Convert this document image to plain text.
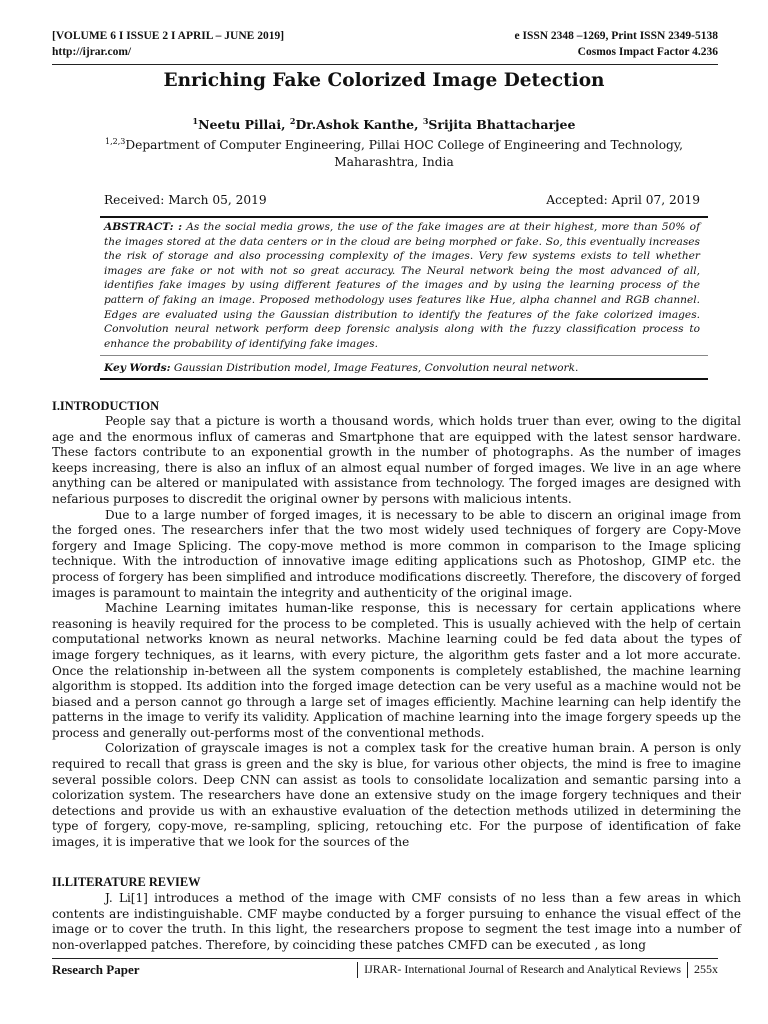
[VOLUME 6 I ISSUE 2 I APRIL – JUNE 2019]	e ISSN 2348 –1269, Print ISSN 2349-5138
http://ijrar.com/	Cosmos Impact Factor 4.236
Enriching Fake Colorized Image Detection
$^1$Neetu Pillai, $^2$Dr.Ashok Kanthe, $^3$Srijita Bhattacharjee
$^{1,2,3}$Department of Computer Engineering, Pillai HOC College of Engineering and Technology,
Maharashtra, India
Received: March 05, 2019	Accepted: April 07, 2019
ABSTRACT: : As the social media grows, the use of the fake images are at their highest, more than 50% of the images stored at the data centers or in the cloud are being morphed or fake. So, this eventually increases the risk of storage and also processing complexity of the images. Very few systems exists to tell whether images are fake or not with not so great accuracy. The Neural network being the most advanced of all, identifies fake images by using different features of the images and by using the learning process of the pattern of faking an image. Proposed methodology uses features like Hue, alpha channel and RGB channel. Edges are evaluated using the Gaussian distribution to identify the features of the fake colorized images. Convolution neural network perform deep forensic analysis along with the fuzzy classification process to enhance the probability of identifying fake images.
Key Words: Gaussian Distribution model, Image Features, Convolution neural network.
I.INTRODUCTION

People say that a picture is worth a thousand words, which holds truer than ever, owing to the digital age and the enormous influx of cameras and Smartphone that are equipped with the latest sensor hardware. These factors contribute to an exponential growth in the number of photographs. As the number of images keeps increasing, there is also an influx of an almost equal number of forged images. We live in an age where anything can be altered or manipulated with assistance from technology. The forged images are designed with nefarious purposes to discredit the original owner by persons with malicious intents.

Due to a large number of forged images, it is necessary to be able to discern an original image from the forged ones. The researchers infer that the two most widely used techniques of forgery are Copy-Move forgery and Image Splicing. The copy-move method is more common in comparison to the Image splicing technique. With the introduction of innovative image editing applications such as Photoshop, GIMP etc. the process of forgery has been simplified and introduce modifications discreetly. Therefore, the discovery of forged images is paramount to maintain the integrity and authenticity of the original image.

Machine Learning imitates human-like response, this is necessary for certain applications where reasoning is heavily required for the process to be completed. This is usually achieved with the help of certain computational networks known as neural networks. Machine learning could be fed data about the types of image forgery techniques, as it learns, with every picture, the algorithm gets faster and a lot more accurate. Once the relationship in-between all the system components is completely established, the machine learning algorithm is stopped. Its addition into the forged image detection can be very useful as a machine would not be biased and a person cannot go through a large set of images efficiently. Machine learning can help identify the patterns in the image to verify its validity. Application of machine learning into the image forgery speeds up the process and generally out-performs most of the conventional methods.

Colorization of grayscale images is not a complex task for the creative human brain. A person is only required to recall that grass is green and the sky is blue, for various other objects, the mind is free to imagine several possible colors. Deep CNN can assist as tools to consolidate localization and semantic parsing into a colorization system. The researchers have done an extensive study on the image forgery techniques and their detections and provide us with an exhaustive evaluation of the detection methods utilized in determining the type of forgery, copy-move, re-sampling, splicing, retouching etc. For the purpose of identification of fake images, it is imperative that we look for the sources of the

II.LITERATURE REVIEW

J. Li[1] introduces a method of the image with CMF consists of no less than a few areas in which contents are indistinguishable. CMF maybe conducted by a forger pursuing to enhance the visual effect of the image or to cover the truth. In this light, the researchers propose to segment the test image into a number of non-overlapped patches. Therefore, by coinciding these patches CMFD can be executed , as long

Research Paper	IJRAR- International Journal of Research and Analytical Reviews	255x
